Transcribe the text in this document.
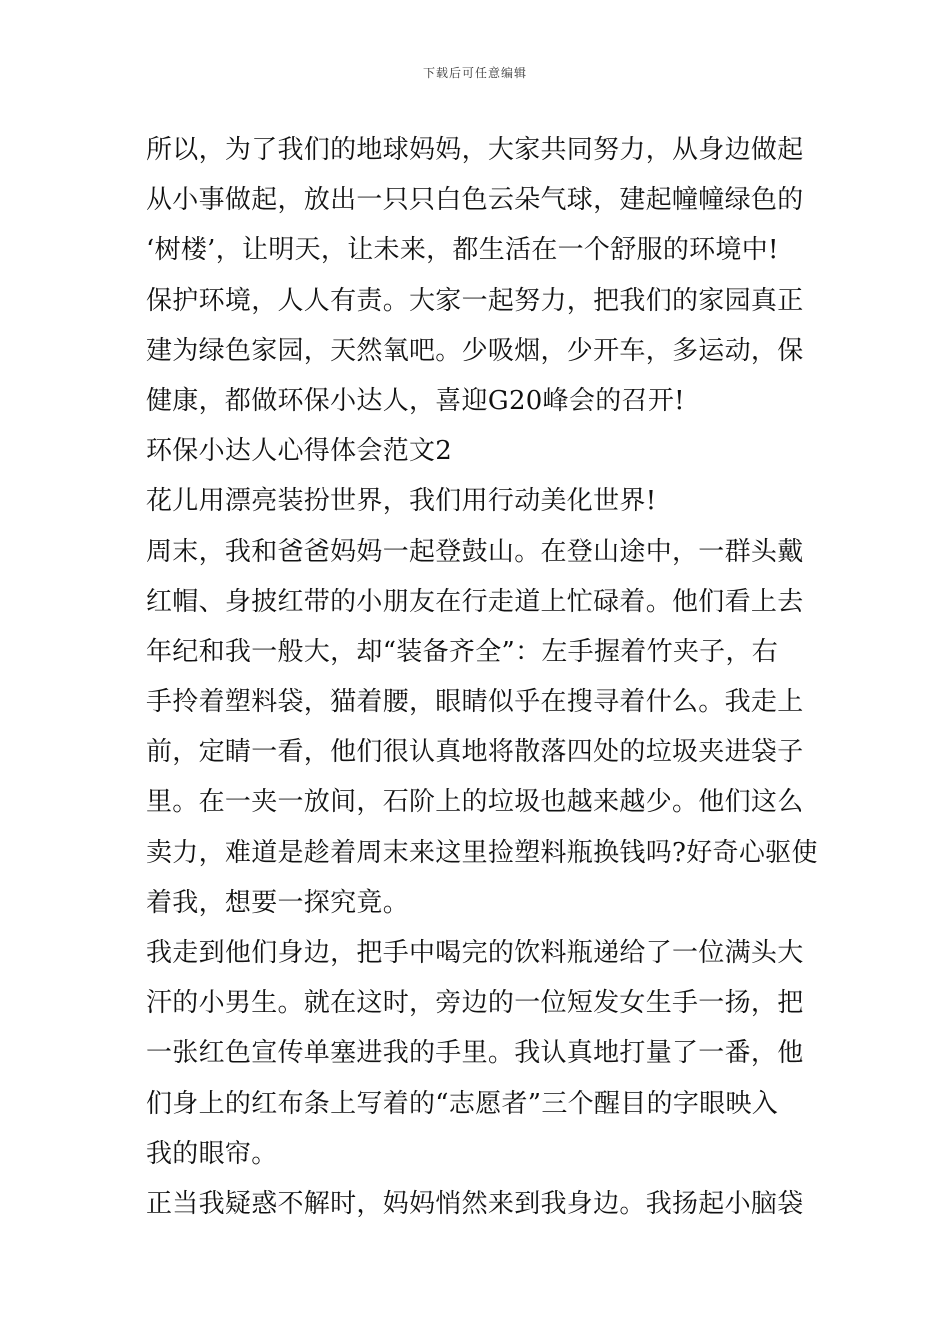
下载后可任意编辑
所以，为了我们的地球妈妈，大家共同努力，从身边做起
从小事做起，放出一只只白色云朵气球，建起幢幢绿色的
‘树楼’，让明天，让未来，都生活在一个舒服的环境中!
保护环境，人人有责。大家一起努力，把我们的家园真正
建为绿色家园，天然氧吧。少吸烟，少开车，多运动，保
健康，都做环保小达人，喜迎G20峰会的召开!
环保小达人心得体会范文2
花儿用漂亮装扮世界，我们用行动美化世界!
周末，我和爸爸妈妈一起登鼓山。在登山途中，一群头戴
红帽、身披红带的小朋友在行走道上忙碌着。他们看上去
年纪和我一般大，却“装备齐全”：左手握着竹夹子，右
手拎着塑料袋，猫着腰，眼睛似乎在搜寻着什么。我走上
前，定睛一看，他们很认真地将散落四处的垃圾夹进袋子
里。在一夹一放间，石阶上的垃圾也越来越少。他们这么
卖力，难道是趁着周末来这里捡塑料瓶换钱吗?好奇心驱使
着我，想要一探究竟。
我走到他们身边，把手中喝完的饮料瓶递给了一位满头大
汗的小男生。就在这时，旁边的一位短发女生手一扬，把
一张红色宣传单塞进我的手里。我认真地打量了一番，他
们身上的红布条上写着的“志愿者”三个醒目的字眼映入
我的眼帘。
正当我疑惑不解时，妈妈悄然来到我身边。我扬起小脑袋
